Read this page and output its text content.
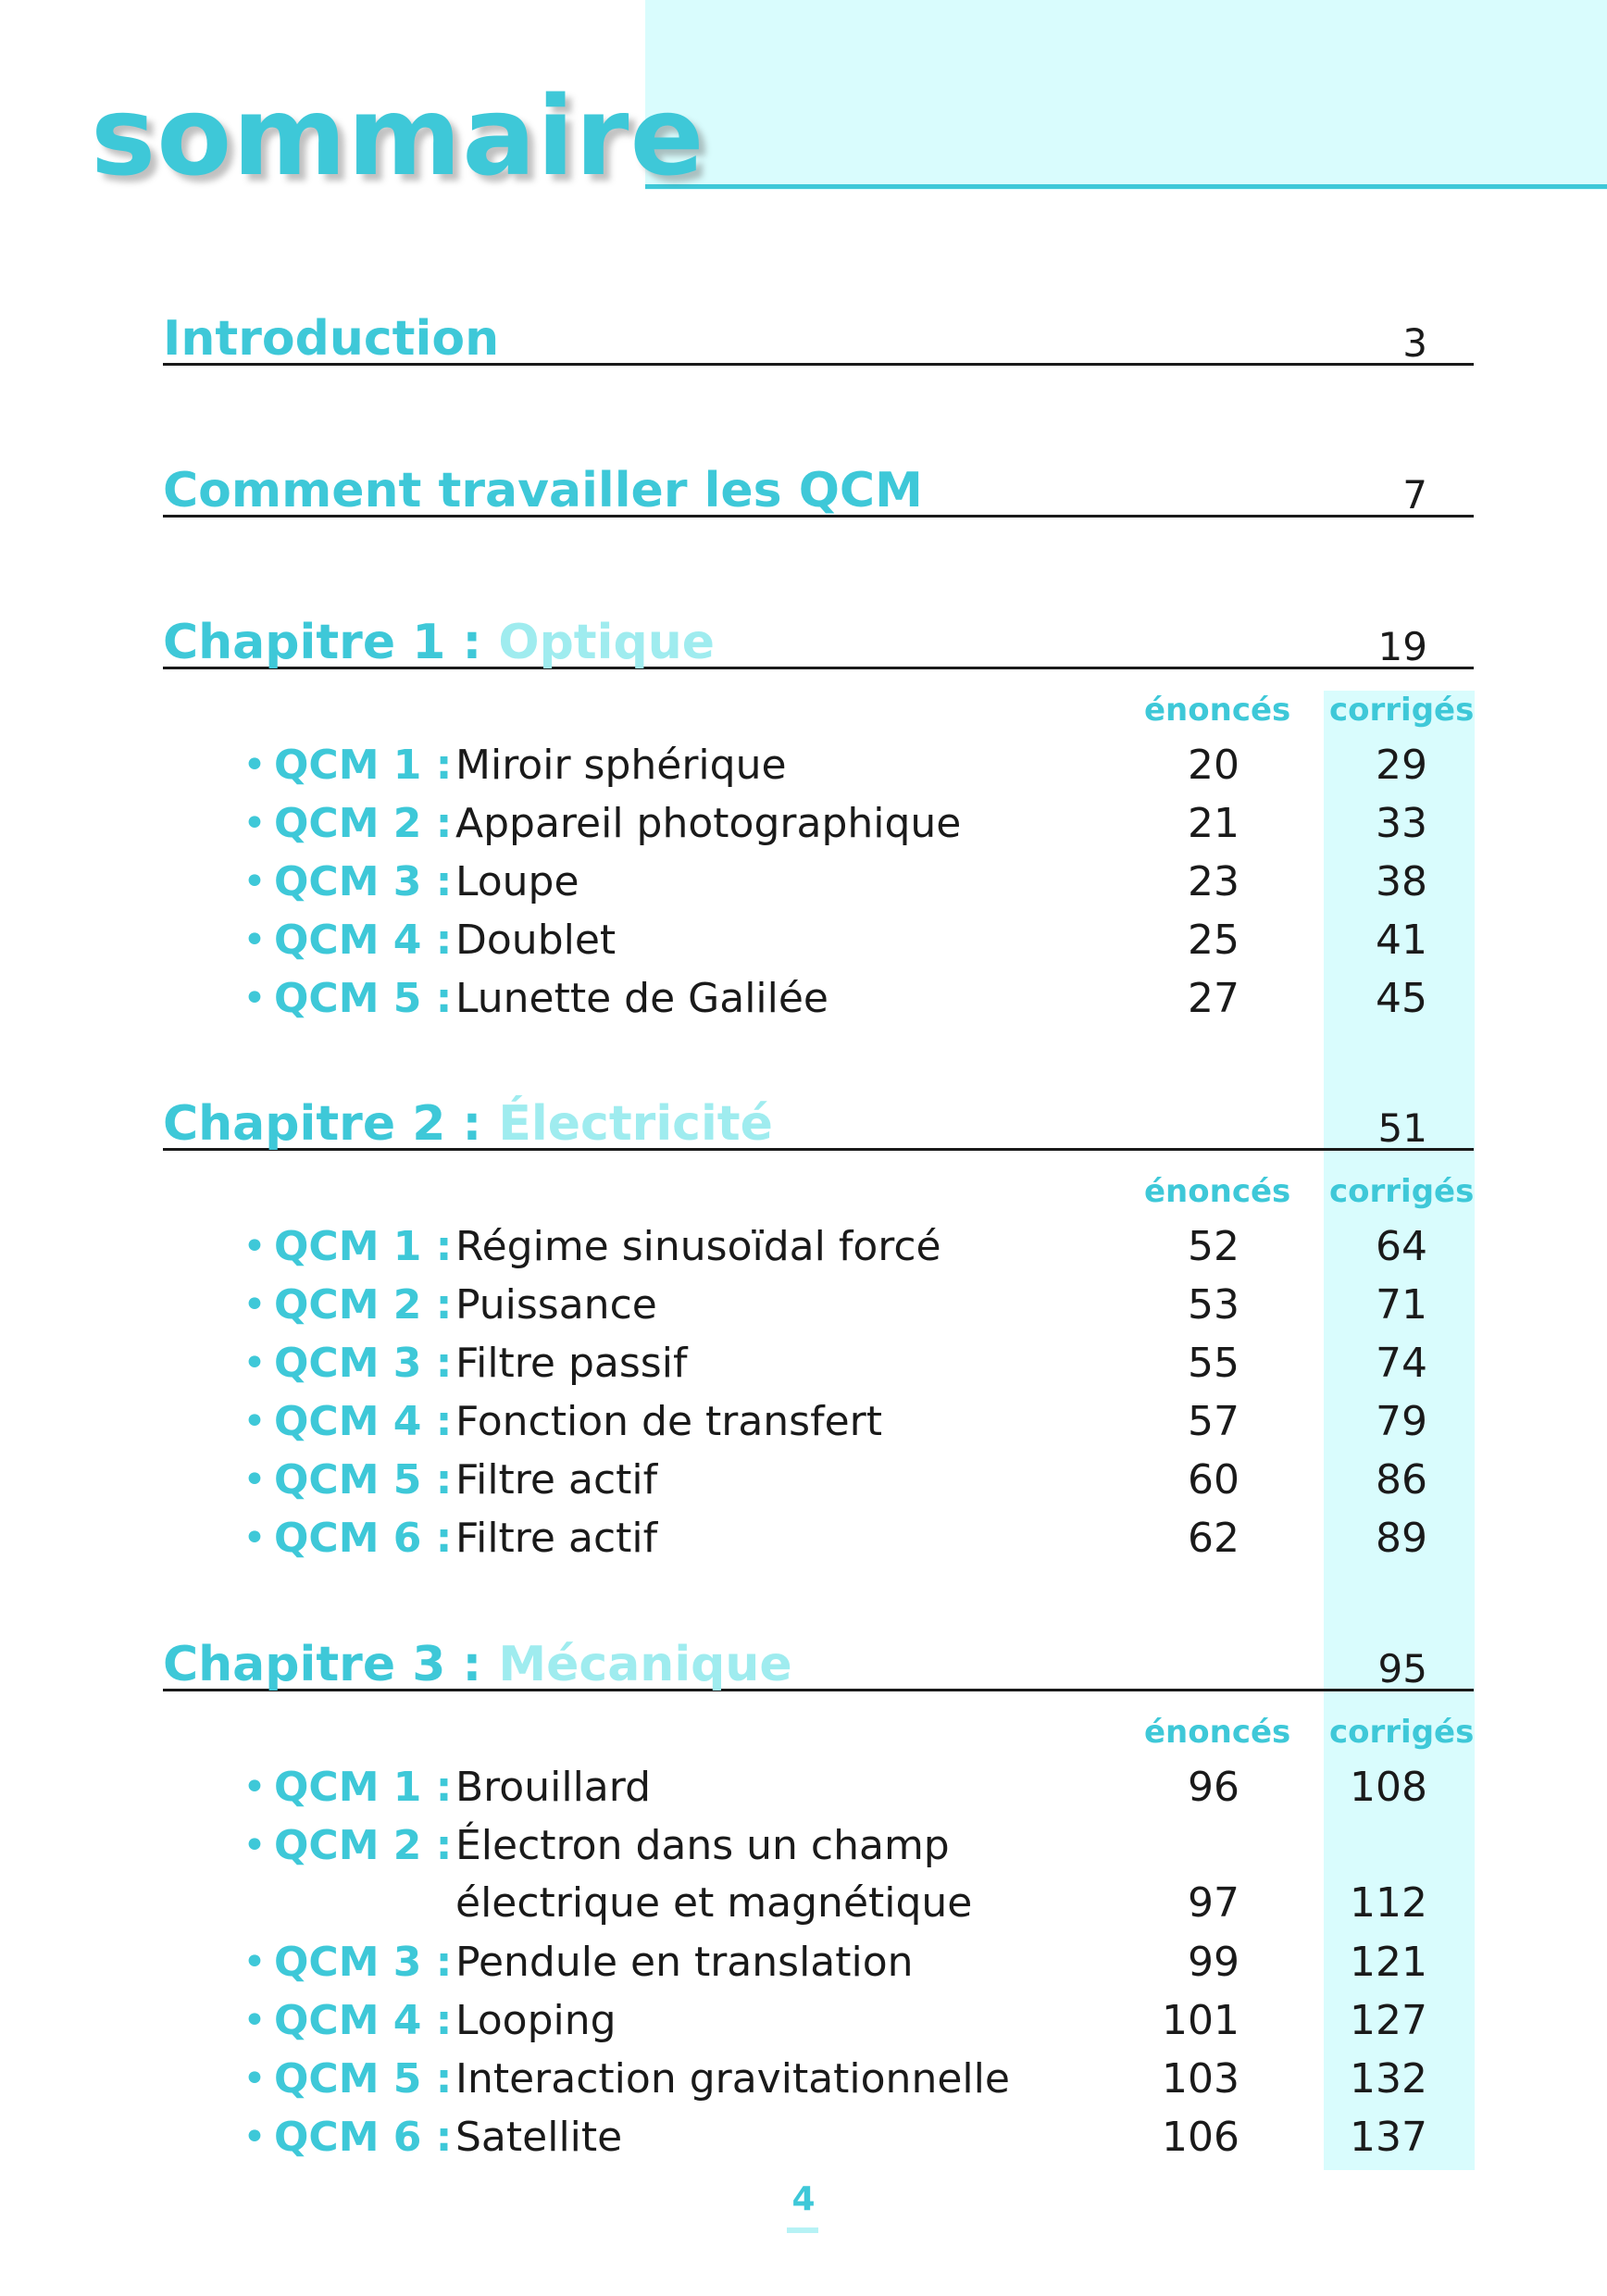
sommaire
Introduction	3
Comment travailler les QCM	7
Chapitre 1 : Optique	19
énoncés corrigés
• QCM 1 : Miroir sphérique	20	29
• QCM 2 : Appareil photographique	21	33
• QCM 3 : Loupe	23	38
• QCM 4 : Doublet	25	41
• QCM 5 : Lunette de Galilée	27	45
Chapitre 2 : Électricité	51
énoncés corrigés
• QCM 1 : Régime sinusoïdal forcé	52	64
• QCM 2 : Puissance	53	71
• QCM 3 : Filtre passif	55	74
• QCM 4 : Fonction de transfert	57	79
• QCM 5 : Filtre actif	60	86
• QCM 6 : Filtre actif	62	89
Chapitre 3 : Mécanique	95
énoncés corrigés
• QCM 1 : Brouillard	96	108
• QCM 2 : Électron dans un champ
électrique et magnétique	97	112
• QCM 3 : Pendule en translation	99	121
• QCM 4 : Looping	101	127
• QCM 5 : Interaction gravitationnelle	103	132
• QCM 6 : Satellite	106	137
4
